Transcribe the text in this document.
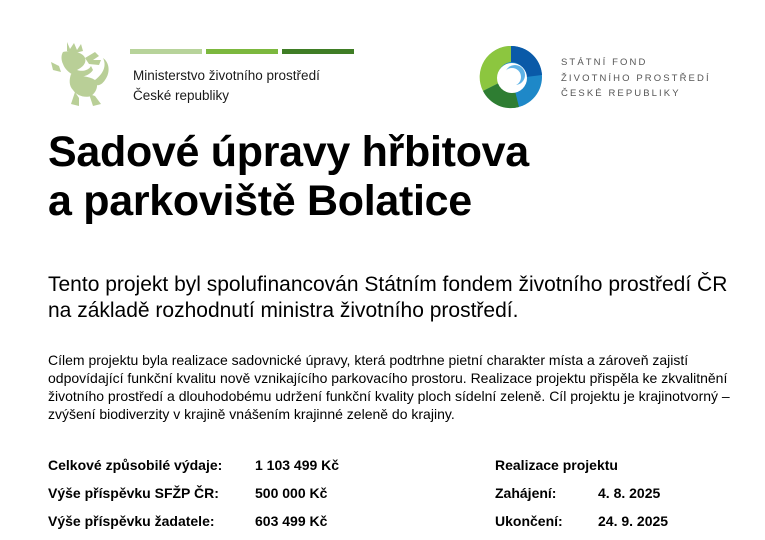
Ministerstvo životního prostředí
České republiky
STÁTNÍ FOND
ŽIVOTNÍHO PROSTŘEDÍ
ČESKÉ REPUBLIKY
Sadové úpravy hřbitova
a parkoviště Bolatice

Tento projekt byl spolufinancován Státním fondem životního prostředí ČR na základě rozhodnutí ministra životního prostředí.

Cílem projektu byla realizace sadovnické úpravy, která podtrhne pietní charakter místa a zároveň zajistí odpovídající funkční kvalitu nově vznikajícího parkovacího prostoru. Realizace projektu přispěla ke zkvalitnění životního prostředí a dlouhodobému udržení funkční kvality ploch sídelní zeleně. Cíl projektu je krajinotvorný – zvýšení biodiverzity v krajině vnášením krajinné zeleně do krajiny.

Celkové způsobilé výdaje:	1 103 499 Kč
Výše příspěvku SFŽP ČR:	500 000 Kč
Výše příspěvku žadatele:	603 499 Kč
Realizace projektu
Zahájení:	4. 8. 2025
Ukončení:	24. 9. 2025
